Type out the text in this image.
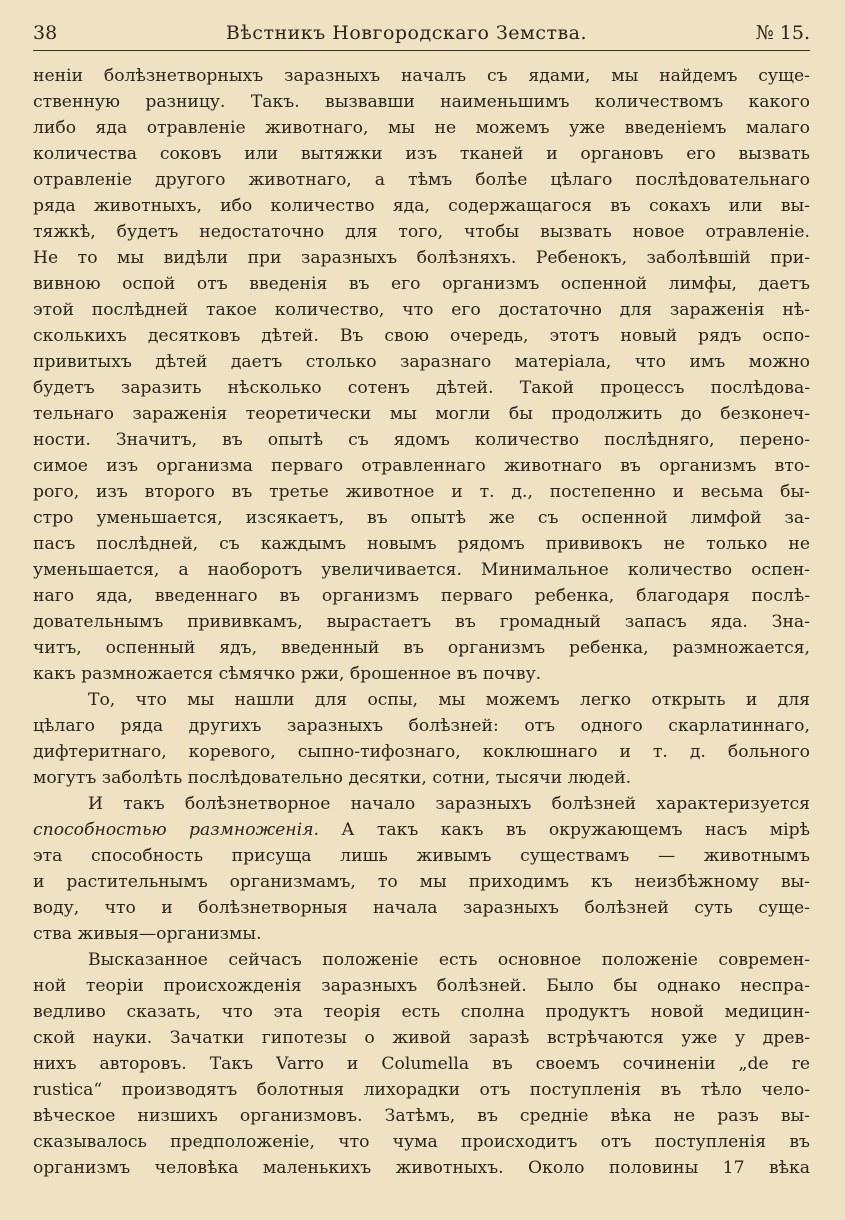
38	Вѣстникъ Новгородскаго Земства.	№ 15.
ненiи болѣзнетворныхъ заразныхъ началъ съ ядами, мы найдемъ суще-
ственную разницу. Такъ. вызвавши наименьшимъ количествомъ какого
либо яда отравленiе животнаго, мы не можемъ уже введенiемъ малаго
количества соковъ или вытяжки изъ тканей и органовъ его вызвать
отравленiе другого животнаго, а тѣмъ болѣе цѣлаго послѣдовательнаго
ряда животныхъ, ибо количество яда, содержащагося въ сокахъ или вы-
тяжкѣ, будетъ недостаточно для того, чтобы вызвать новое отравленiе.
Не то мы видѣли при заразныхъ болѣзняхъ. Ребенокъ, заболѣвшiй при-
вивною оспой отъ введенiя въ его организмъ оспенной лимфы, даетъ
этой послѣдней такое количество, что его достаточно для зараженiя нѣ-
сколькихъ десятковъ дѣтей. Въ свою очередь, этотъ новый рядъ оспо-
привитыхъ дѣтей даетъ столько заразнаго матерiала, что имъ можно
будетъ заразить нѣсколько сотенъ дѣтей. Такой процессъ послѣдова-
тельнаго зараженiя теоретически мы могли бы продолжить до безконеч-
ности. Значитъ, въ опытѣ съ ядомъ количество послѣдняго, перено-
симое изъ организма перваго отравленнаго животнаго въ организмъ вто-
рого, изъ второго въ третье животное и т. д., постепенно и весьма бы-
стро уменьшается, изсякаетъ, въ опытѣ же съ оспенной лимфой за-
пасъ послѣдней, съ каждымъ новымъ рядомъ прививокъ не только не
уменьшается, а наоборотъ увеличивается. Минимальное количество оспен-
наго яда, введеннаго въ организмъ перваго ребенка, благодаря послѣ-
довательнымъ прививкамъ, вырастаетъ въ громадный запасъ яда. Зна-
читъ, оспенный ядъ, введенный въ организмъ ребенка, размножается,
какъ размножается сѣмячко ржи, брошенное въ почву.
То, что мы нашли для оспы, мы можемъ легко открыть и для
цѣлаго ряда другихъ заразныхъ болѣзней: отъ одного скарлатиннаго,
дифтеритнаго, коревого, сыпно-тифознаго, коклюшнаго и т. д. больного
могутъ заболѣть послѣдовательно десятки, сотни, тысячи людей.
И такъ болѣзнетворное начало заразныхъ болѣзней характеризуется
способностью размноженiя. А такъ какъ въ окружающемъ насъ мiрѣ
эта способность присуща лишь живымъ существамъ — животнымъ
и растительнымъ организмамъ, то мы приходимъ къ неизбѣжному вы-
воду, что и болѣзнетворныя начала заразныхъ болѣзней суть суще-
ства живыя—организмы.
Высказанное сейчасъ положенiе есть основное положенiе современ-
ной теорiи происхожденiя заразныхъ болѣзней. Было бы однако неспра-
ведливо сказать, что эта теорiя есть сполна продуктъ новой медицин-
ской науки. Зачатки гипотезы о живой заразѣ встрѣчаются уже у древ-
нихъ авторовъ. Такъ Varro и Columella въ своемъ сочиненiи „de re
rustica“ производятъ болотныя лихорадки отъ поступленiя въ тѣло чело-
вѣческое низшихъ организмовъ. Затѣмъ, въ среднiе вѣка не разъ вы-
сказывалось предположенiе, что чума происходитъ отъ поступленiя въ
организмъ человѣка маленькихъ животныхъ. Около половины 17 вѣка
